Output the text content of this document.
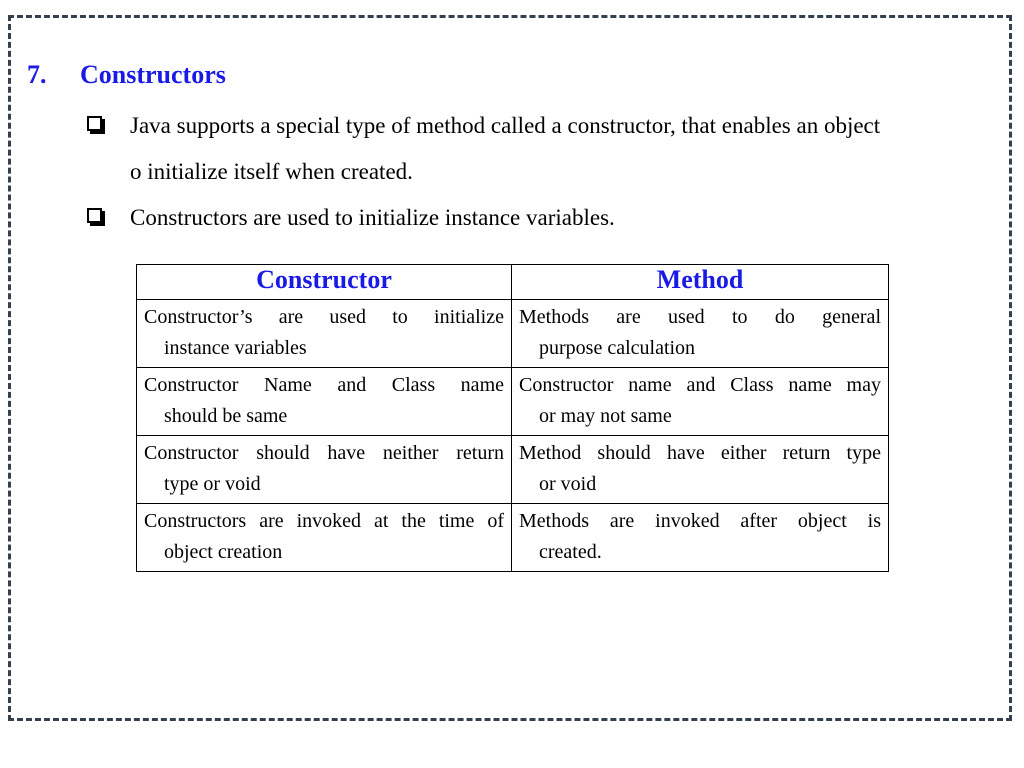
7. Constructors
Java supports a special type of method called a constructor, that enables an object
o initialize itself when created.
Constructors are used to initialize instance variables.
Constructor	Method

Constructor’s are used to initialize
instance variables	Methods are used to do general
purpose calculation

Constructor Name and Class name
should be same	Constructor name and Class name may
or may not same

Constructor should have neither return
type or void	Method should have either return type
or void

Constructors are invoked at the time of
object creation	Methods are invoked after object is
created.
